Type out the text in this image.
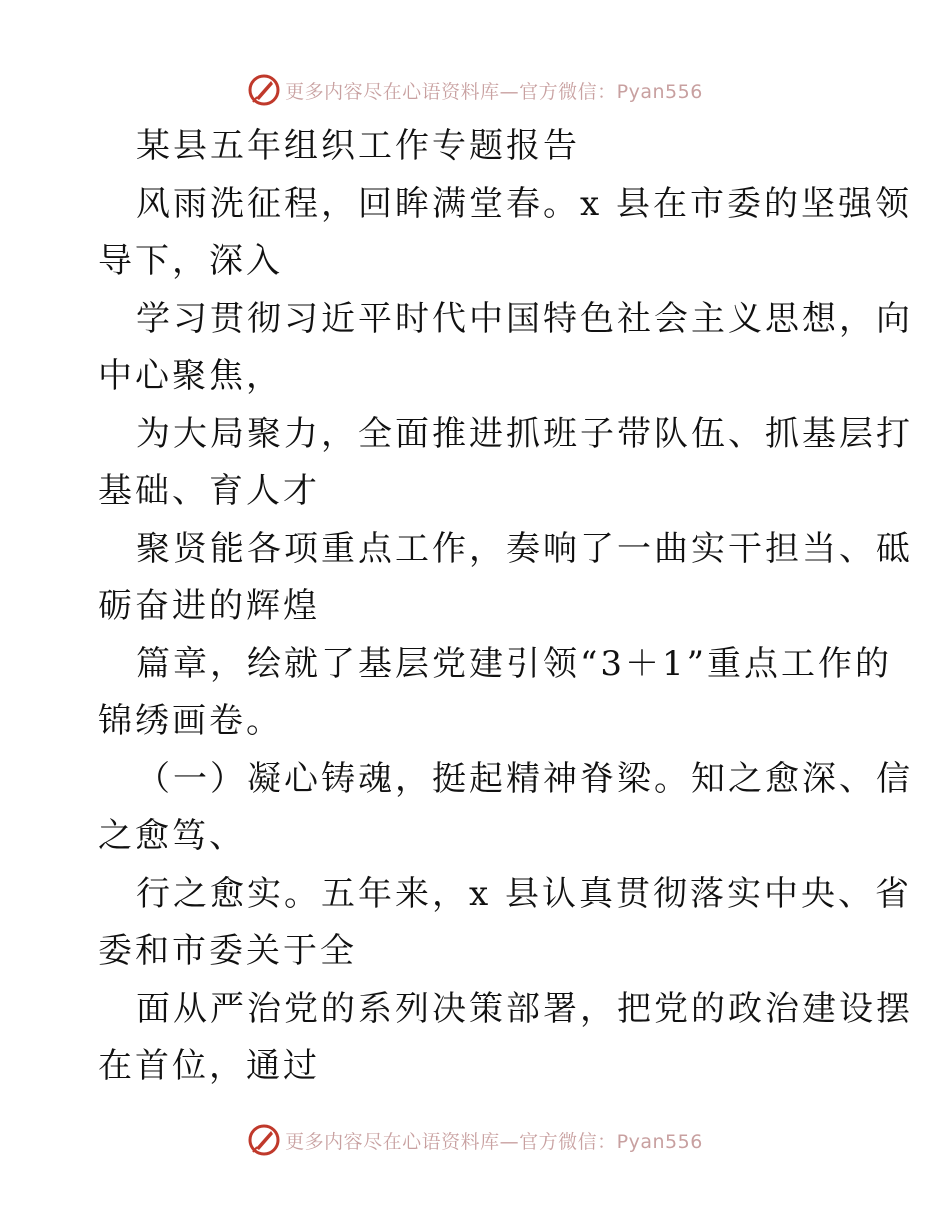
更多内容尽在心语资料库—官方微信：Pyan556
某县五年组织工作专题报告
风雨洗征程，回眸满堂春。x 县在市委的坚强领
导下，深入
学习贯彻习近平时代中国特色社会主义思想，向
中心聚焦，
为大局聚力，全面推进抓班子带队伍、抓基层打
基础、育人才
聚贤能各项重点工作，奏响了一曲实干担当、砥
砺奋进的辉煌
篇章，绘就了基层党建引领“3＋1”重点工作的
锦绣画卷。
（一）凝心铸魂，挺起精神脊梁。知之愈深、信
之愈笃、
行之愈实。五年来，x 县认真贯彻落实中央、省
委和市委关于全
面从严治党的系列决策部署，把党的政治建设摆
在首位，通过
更多内容尽在心语资料库—官方微信：Pyan556
